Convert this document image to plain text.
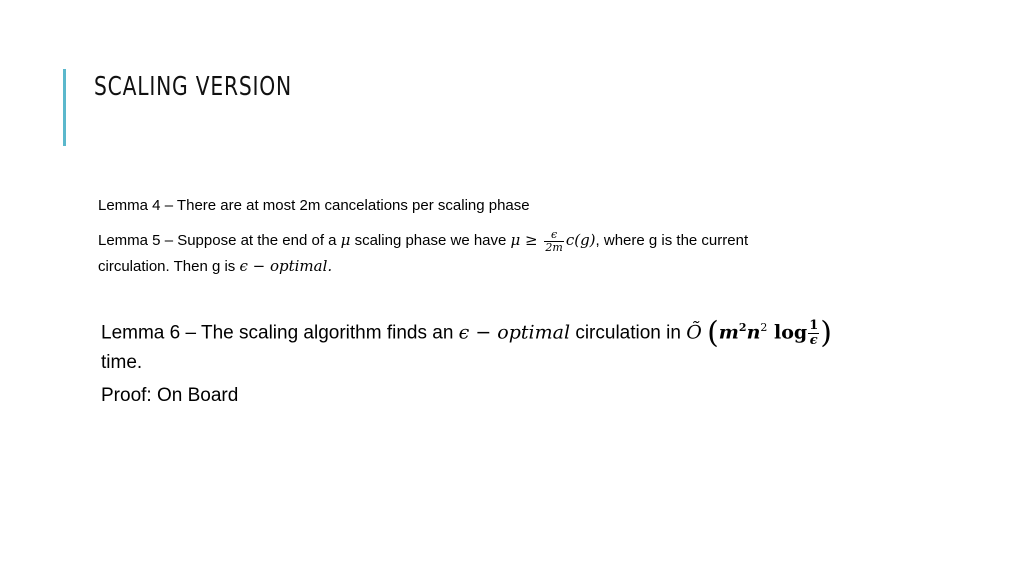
SCALING VERSION
Lemma 4 – There are at most 2m cancelations per scaling phase
Lemma 5 – Suppose at the end of a μ scaling phase we have $\mu \ge \frac{\epsilon}{2m} c(g)$, where g is the current
circulation. Then g is ϵ − optimal.
Lemma 6 – The scaling algorithm finds an ϵ − optimal circulation in Õ ($m^2n^2$ $\log \frac{1}{\epsilon}$ )
time.
Proof: On Board
